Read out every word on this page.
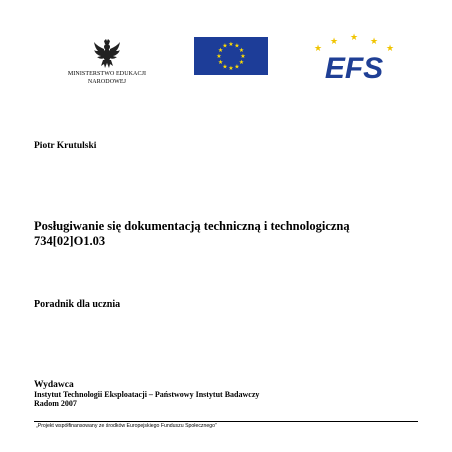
MINISTERSTWO EDUKACJI
NARODOWEJ
★ ★
★
★
★
★
★
★
★
★
★
★	★
★ ★ ★
★
EFS
Piotr Krutulski
Posługiwanie się dokumentacją techniczną i technologiczną
734[02]O1.03
Poradnik dla ucznia
Wydawca
Instytut Technologii Eksploatacji – Państwowy Instytut Badawczy
Radom 2007
„Projekt współfinansowany ze środków Europejskiego Funduszu Społecznego”
